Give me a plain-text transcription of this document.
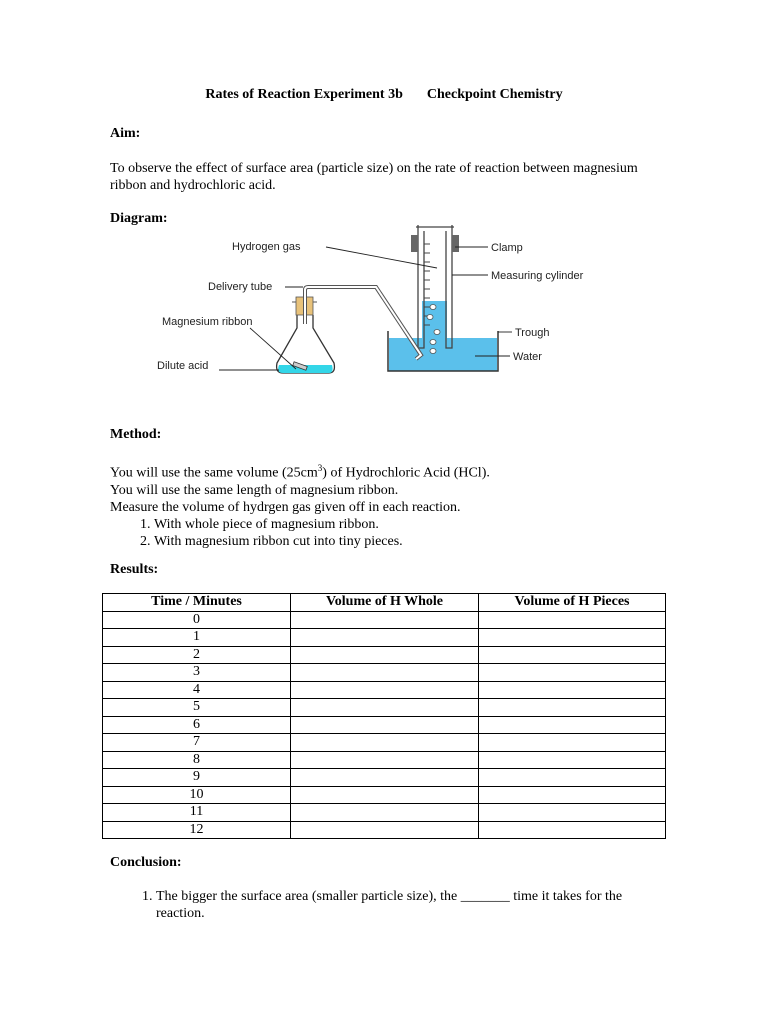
Rates of Reaction Experiment 3b Checkpoint Chemistry
Aim:

To observe the effect of surface area (particle size) on the rate of reaction between magnesium ribbon and hydrochloric acid.

Diagram:
Hydrogen gas	Clamp
Measuring cylinder
Delivery tube
Magnesium ribbon
Dilute acid
Trough
Water
Method:

You will use the same volume $(25cm^3)$ of Hydrochloric Acid (HCl).

You will use the same length of magnesium ribbon.

Measure the volume of hydrgen gas given off in each reaction.

1. With whole piece of magnesium ribbon.
2. With magnesium ribbon cut into tiny pieces.
Results:
Time / Minutes	Volume of H Whole	Volume of H Pieces
0		
1		
2		
3		
4		
5		
6		
7		
8		
9		
10		
11		
12		
Conclusion:
1. The bigger the surface area (smaller particle size), the _______ time it takes for the reaction.
